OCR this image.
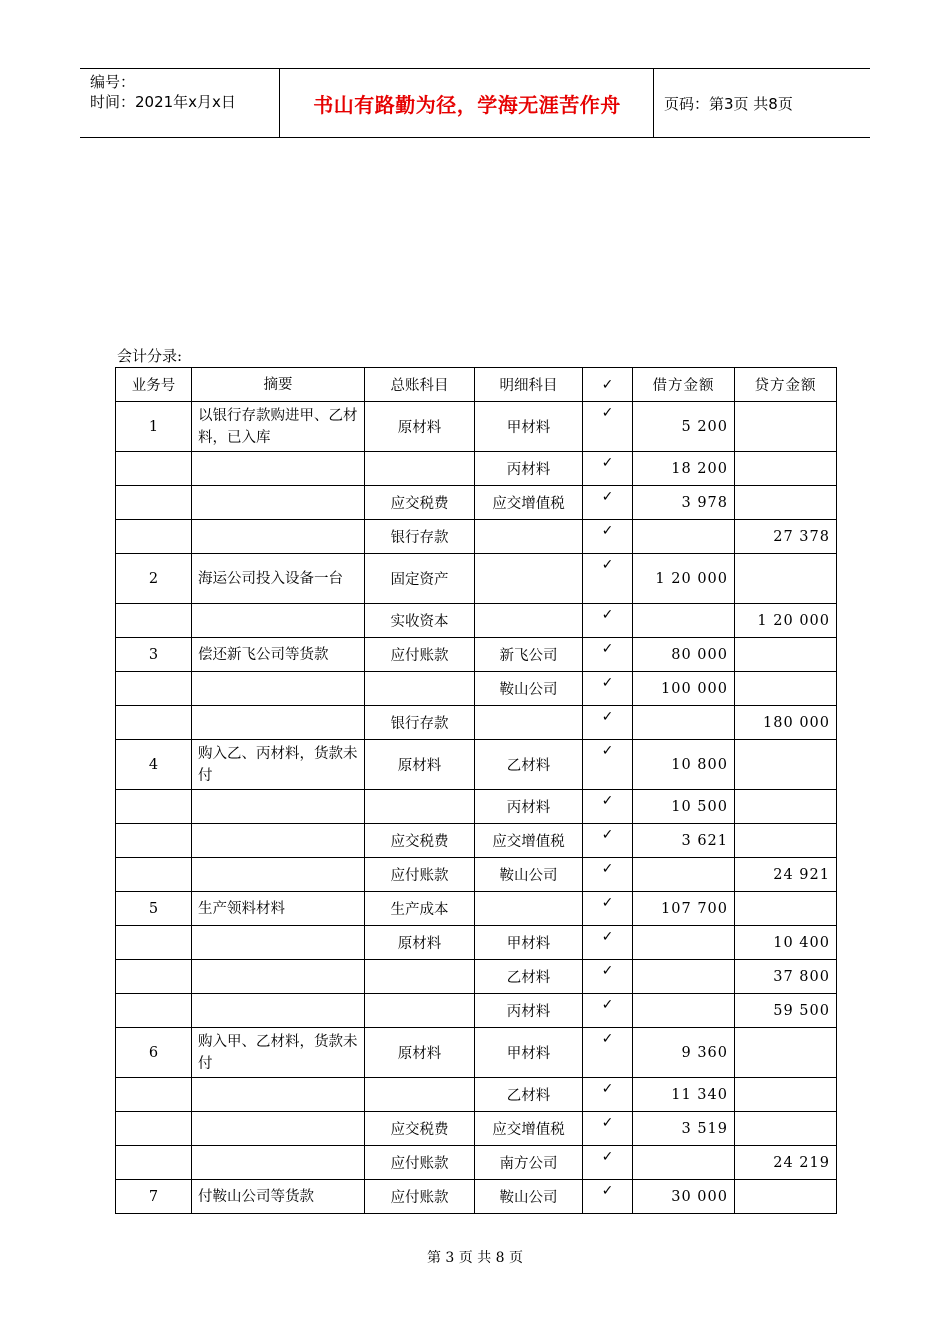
编号：
时间：2021年x月x日	书山有路勤为径，学海无涯苦作舟	页码：第3页 共8页
会计分录:
业务号	摘要	总账科目	明细科目	✓	借方金额	贷方金额
1	以银行存款购进甲、乙材料，已入库	原材料	甲材料	✓	5 200	
			丙材料	✓	18 200	
		应交税费	应交增值税	✓	3 978	
		银行存款		✓		27 378
2	海运公司投入设备一台	固定资产		✓	1 20 000	
		实收资本		✓		1 20 000
3	偿还新飞公司等货款	应付账款	新飞公司	✓	80 000	
			鞍山公司	✓	100 000	
		银行存款		✓		180 000
4	购入乙、丙材料，货款未付	原材料	乙材料	✓	10 800	
			丙材料	✓	10 500	
		应交税费	应交增值税	✓	3 621	
		应付账款	鞍山公司	✓		24 921
5	生产领料材料	生产成本		✓	107 700	
		原材料	甲材料	✓		10 400
			乙材料	✓		37 800
			丙材料	✓		59 500
6	购入甲、乙材料，货款未付	原材料	甲材料	✓	9 360	
			乙材料	✓	11 340	
		应交税费	应交增值税	✓	3 519	
		应付账款	南方公司	✓		24 219
7	付鞍山公司等货款	应付账款	鞍山公司	✓	30 000	
第 3 页 共 8 页
